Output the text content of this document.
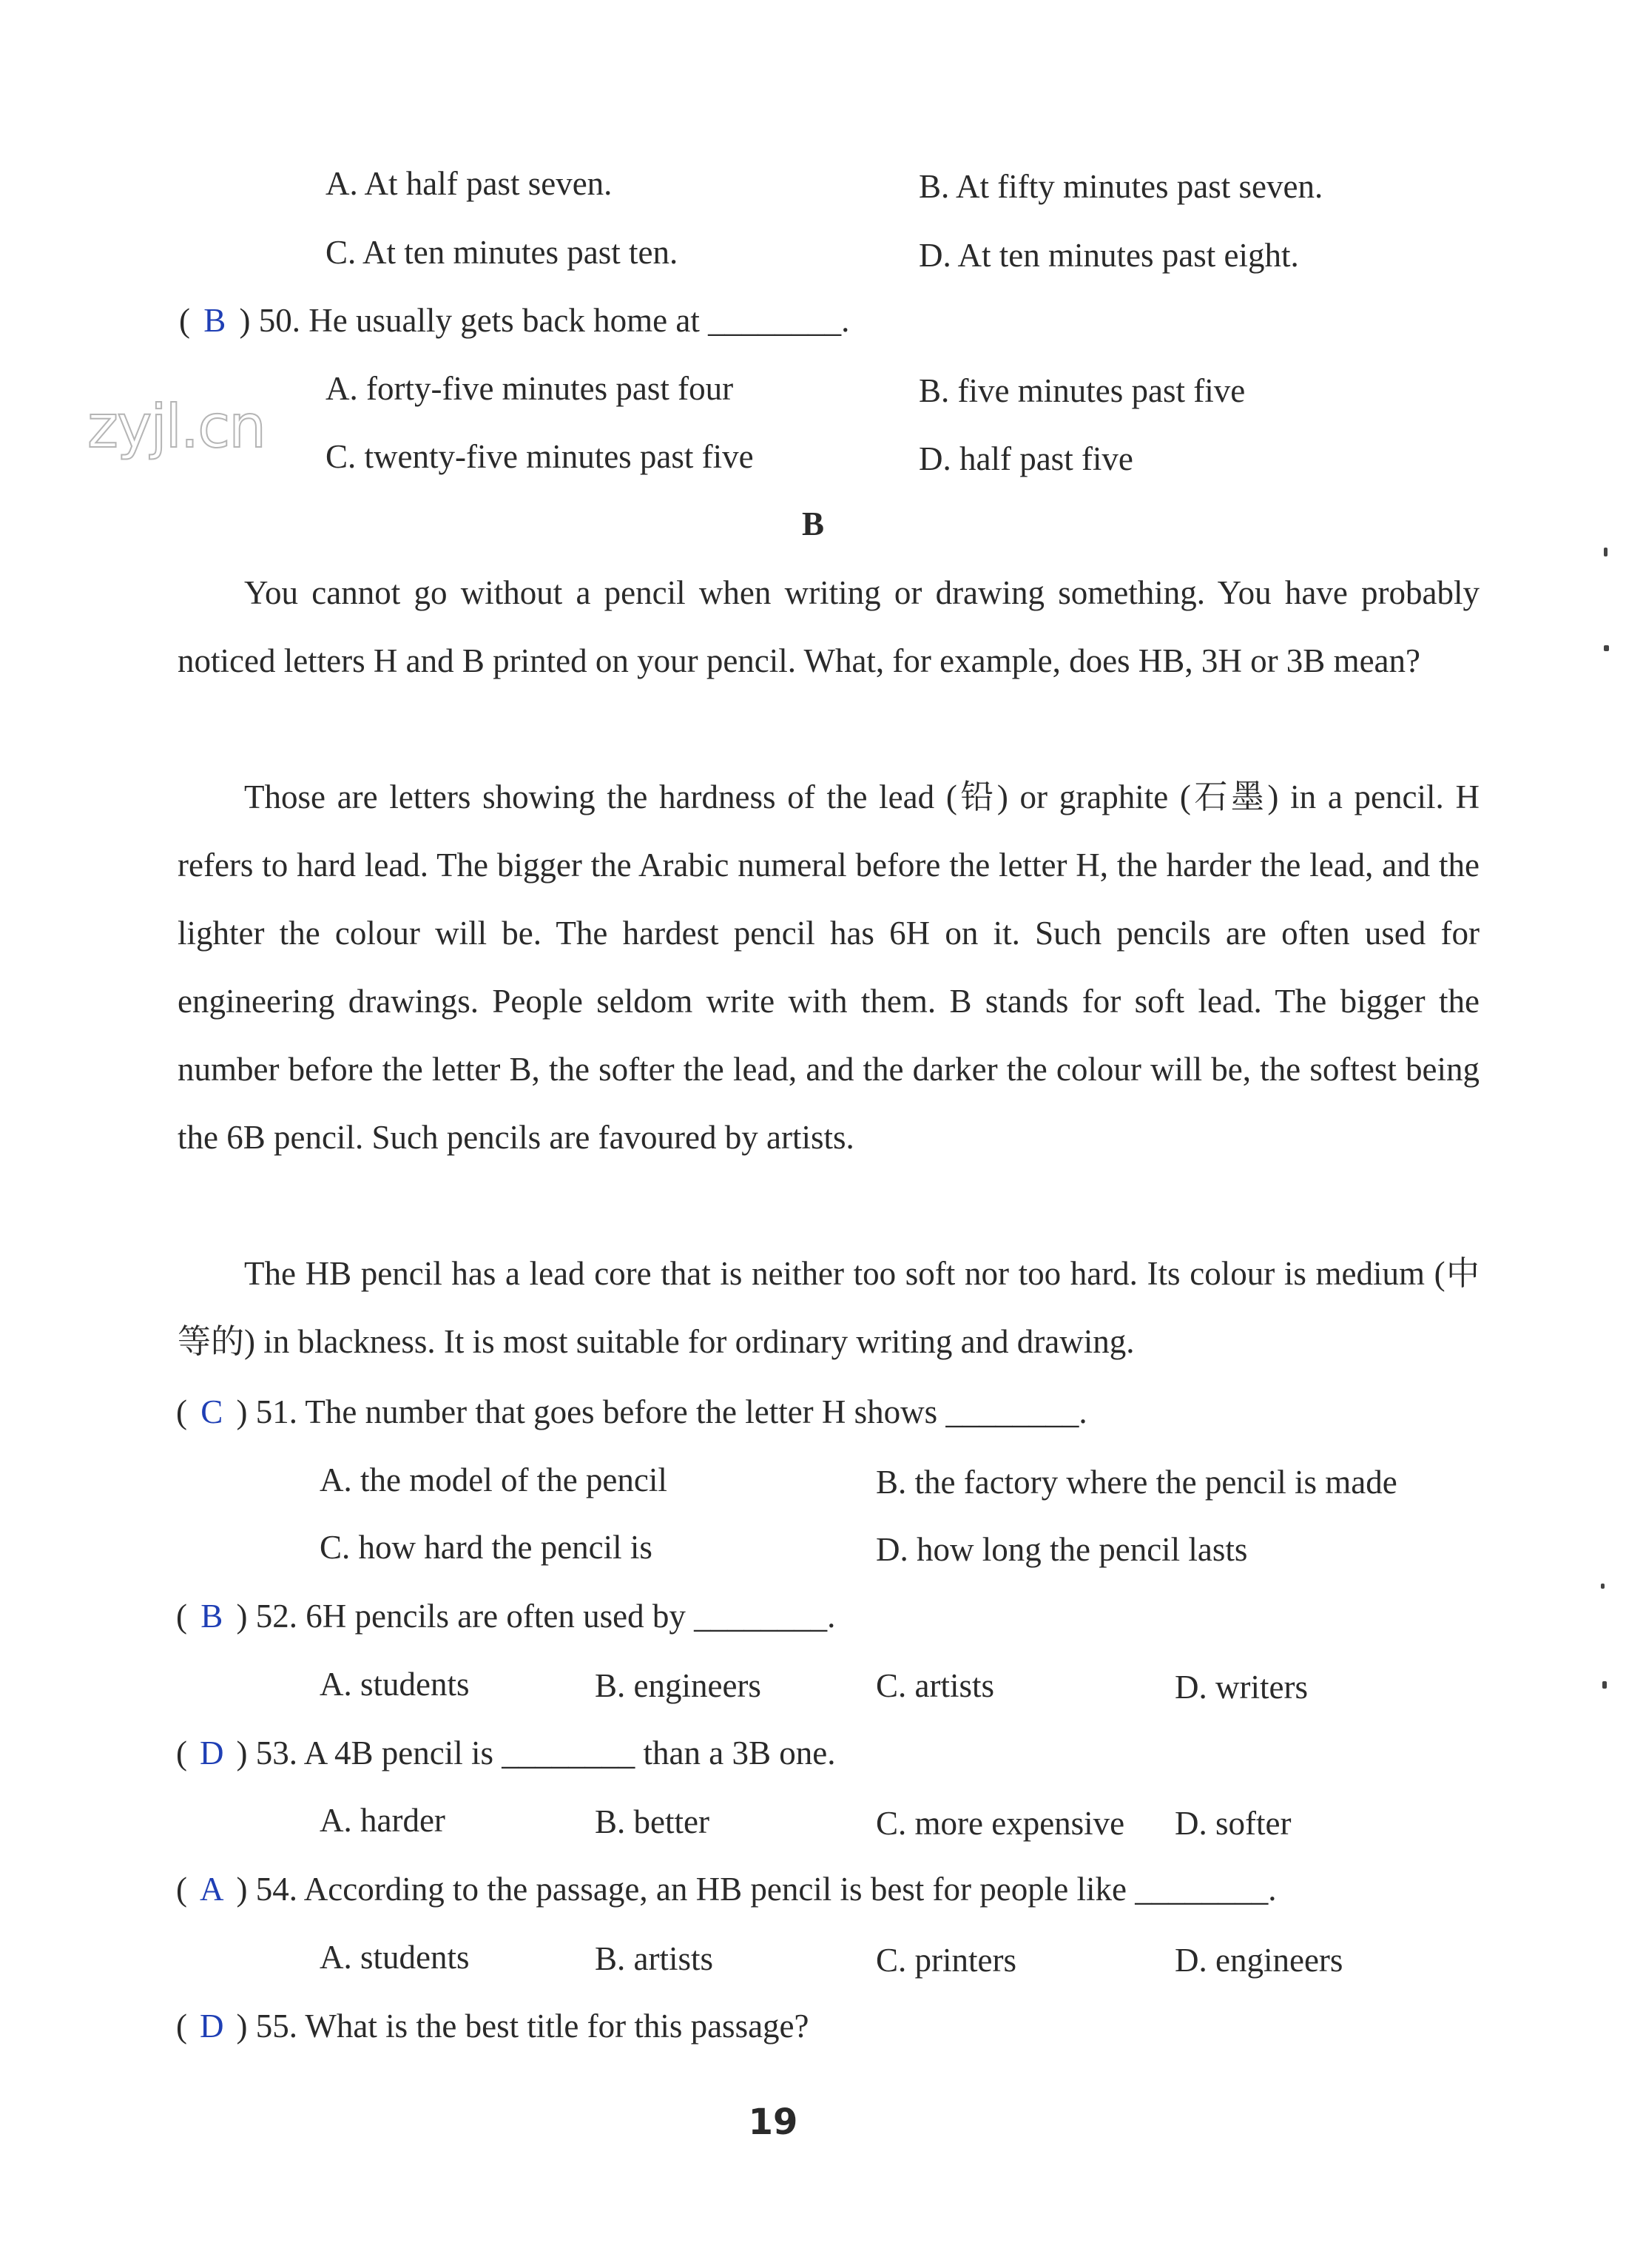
A. At half past seven.	B. At fifty minutes past seven.
C. At ten minutes past ten.	D. At ten minutes past eight.
( B ) 50. He usually gets back home at ________.
A. forty-five minutes past four	B. five minutes past five
C. twenty-five minutes past five	D. half past five
zyjl.cn
B
You cannot go without a pencil when writing or drawing something. You have probably noticed letters H and B printed on your pencil. What, for example, does HB, 3H or 3B mean?
Those are letters showing the hardness of the lead (铅) or graphite (石墨) in a pencil. H refers to hard lead. The bigger the Arabic numeral before the letter H, the harder the lead, and the lighter the colour will be. The hardest pencil has 6H on it. Such pencils are often used for engineering drawings. People seldom write with them. B stands for soft lead. The bigger the number before the letter B, the softer the lead, and the darker the colour will be, the softest being the 6B pencil. Such pencils are favoured by artists.
The HB pencil has a lead core that is neither too soft nor too hard. Its colour is medium (中等的) in blackness. It is most suitable for ordinary writing and drawing.
( C ) 51. The number that goes before the letter H shows ________.
A. the model of the pencil	B. the factory where the pencil is made
C. how hard the pencil is	D. how long the pencil lasts
( B ) 52. 6H pencils are often used by ________.
A. students	B. engineers	C. artists	D. writers
( D ) 53. A 4B pencil is ________ than a 3B one.
A. harder	B. better	C. more expensive D. softer
( A ) 54. According to the passage, an HB pencil is best for people like ________.
A. students	B. artists	C. printers	D. engineers
( D ) 55. What is the best title for this passage?
19
